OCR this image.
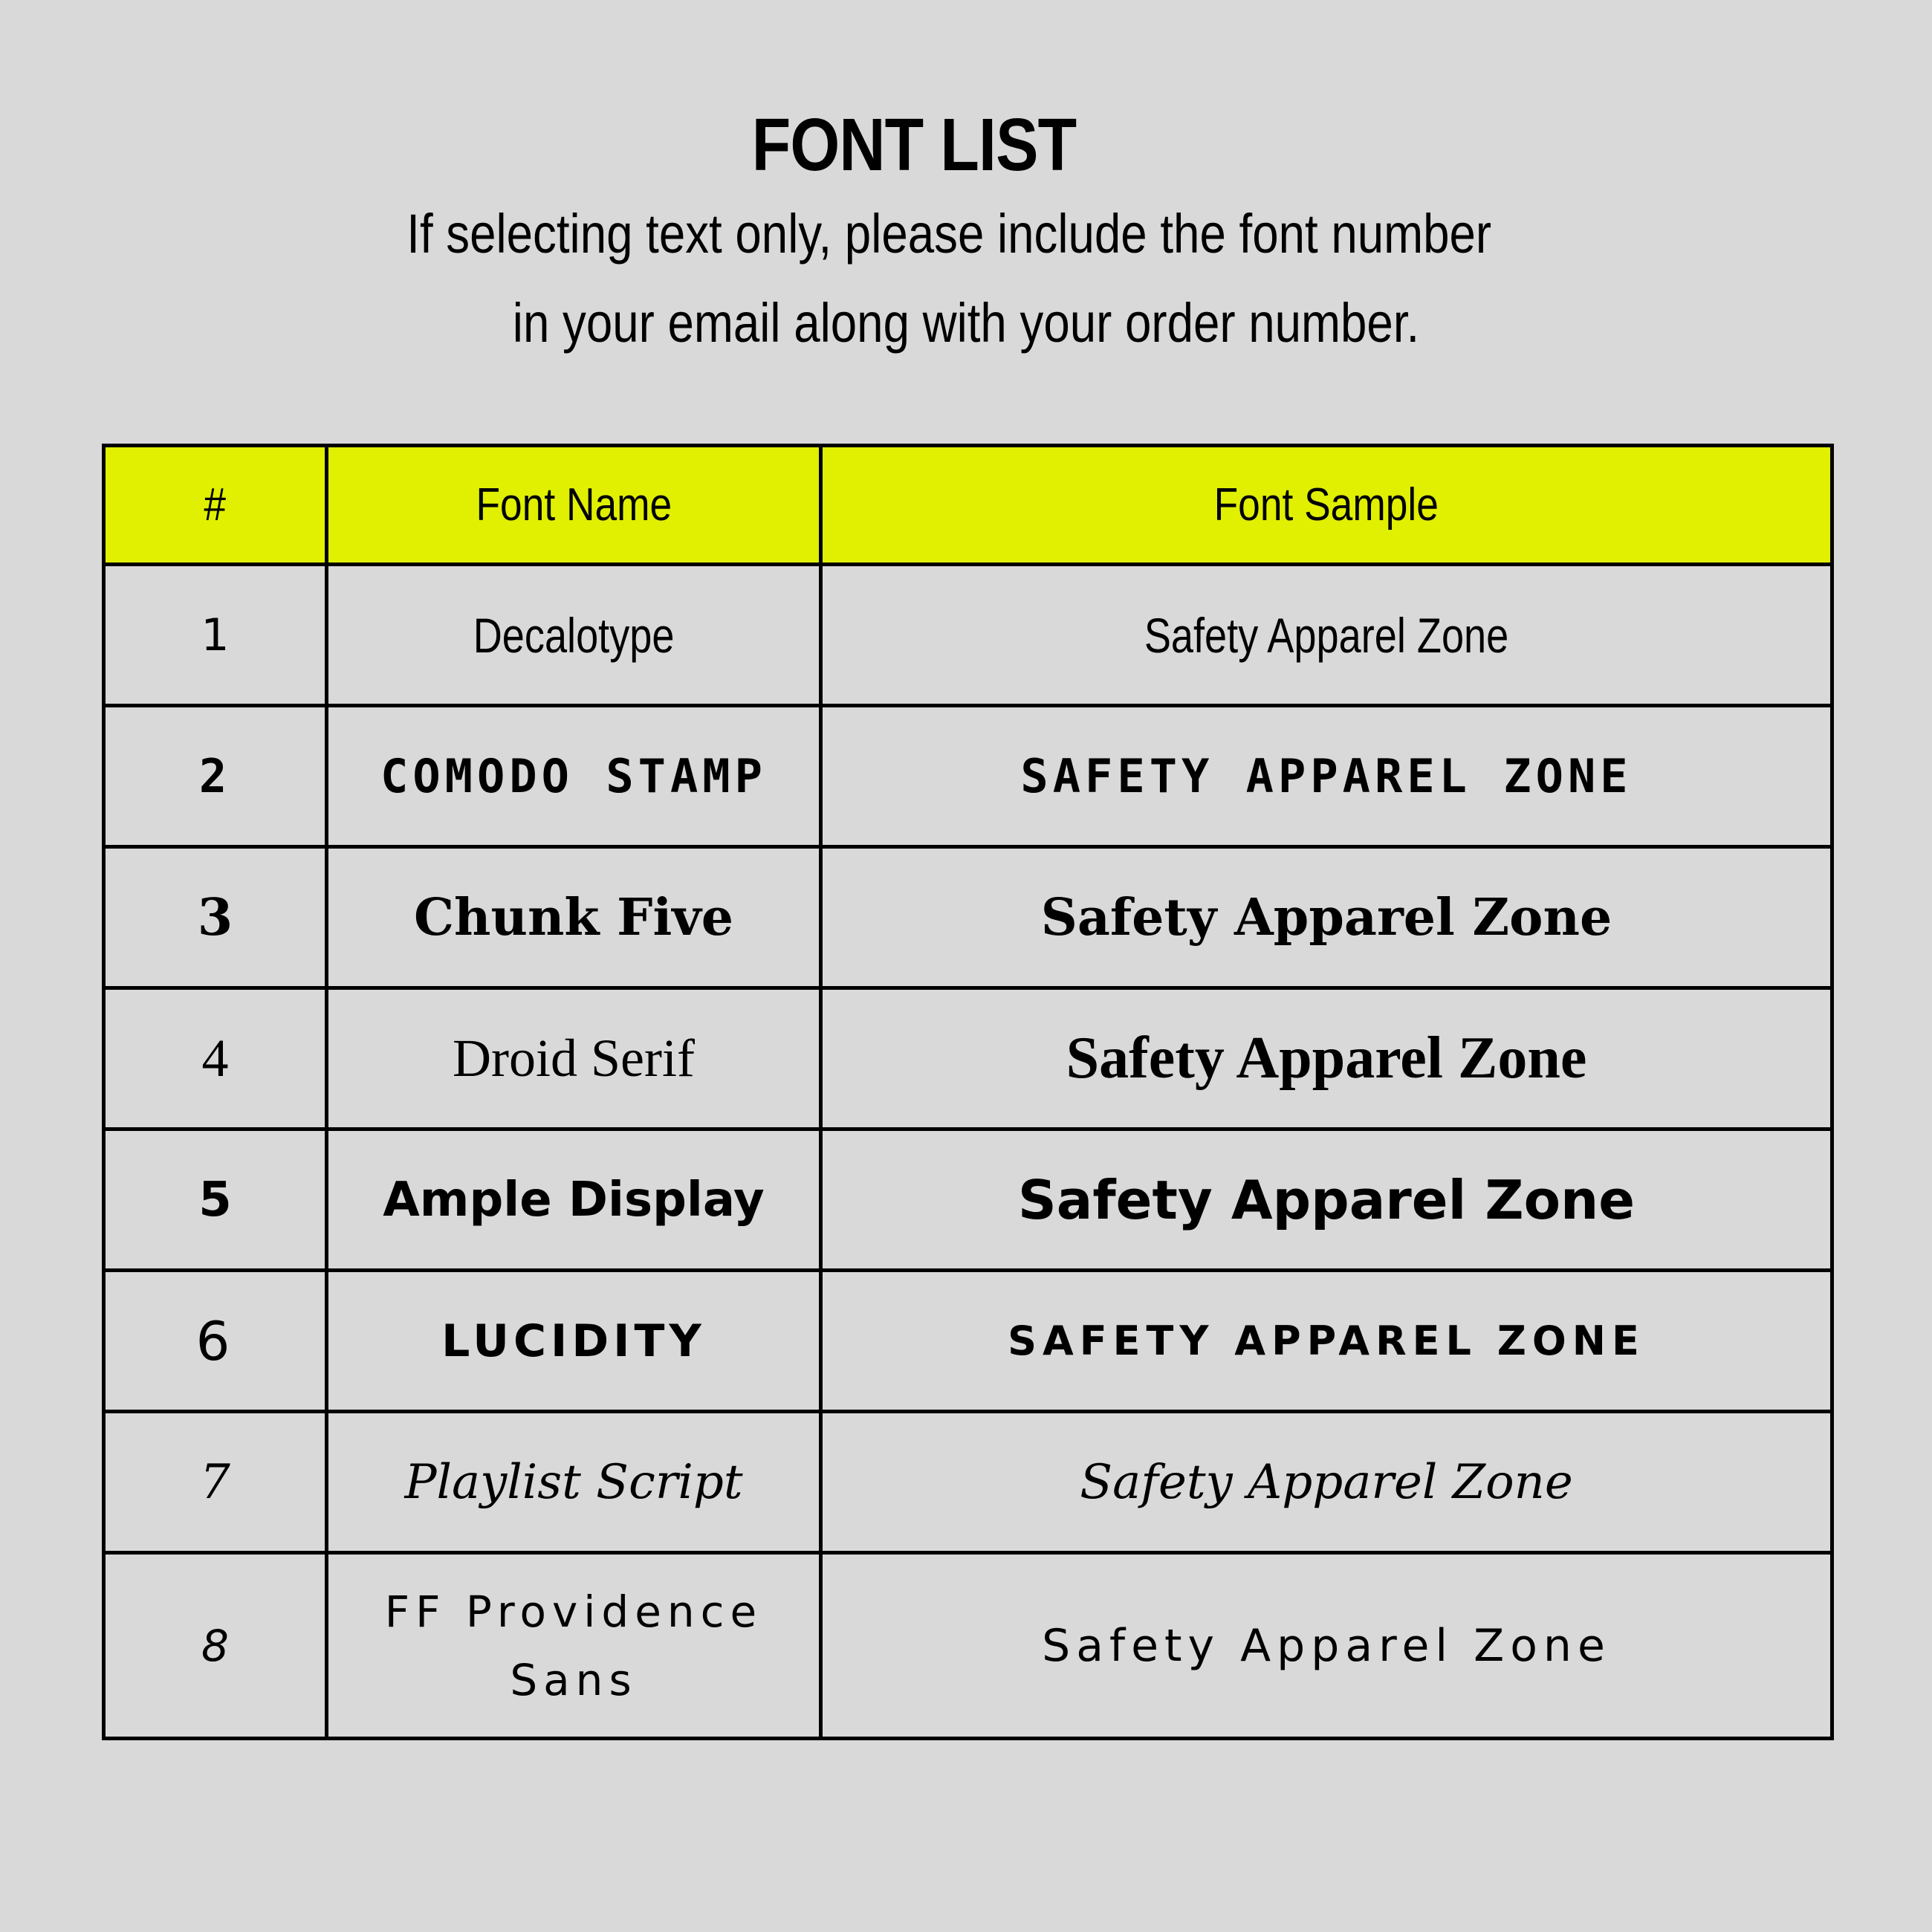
FONT LIST
If selecting text only, please include the font number
in your email along with your order number.
#	Font Name	Font Sample
1	Decalotype	Safety Apparel Zone
2	COMODO STAMP	SAFETY APPAREL ZONE
3	Chunk Five	Safety Apparel Zone
4	Droid Serif	Safety Apparel Zone
5	Ample Display	Safety Apparel Zone
6	LUCIDITY	SAFETY APPAREL ZONE
7	Playlist Script	Safety Apparel Zone
8	FF Providence Sans	Safety Apparel Zone
